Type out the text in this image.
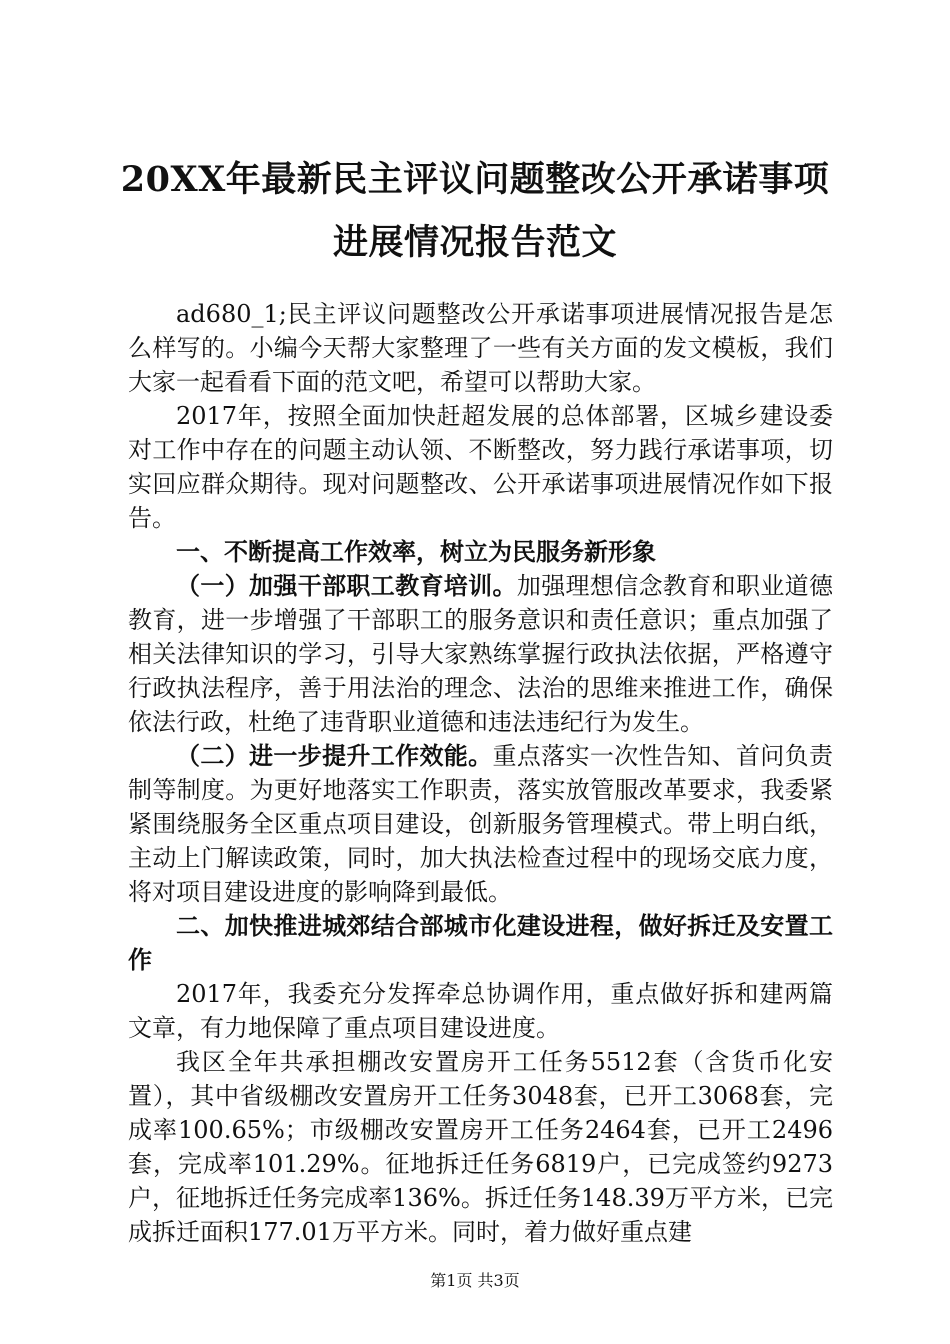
20XX年最新民主评议问题整改公开承诺事项
进展情况报告范文

ad680_1;民主评议问题整改公开承诺事项进展情况报告是怎么样写的。小编今天帮大家整理了一些有关方面的发文模板，我们大家一起看看下面的范文吧，希望可以帮助大家。

2017年，按照全面加快赶超发展的总体部署，区城乡建设委对工作中存在的问题主动认领、不断整改，努力践行承诺事项，切实回应群众期待。现对问题整改、公开承诺事项进展情况作如下报告。

一、不断提高工作效率，树立为民服务新形象

（一）加强干部职工教育培训。加强理想信念教育和职业道德教育，进一步增强了干部职工的服务意识和责任意识；重点加强了相关法律知识的学习，引导大家熟练掌握行政执法依据，严格遵守行政执法程序，善于用法治的理念、法治的思维来推进工作，确保依法行政，杜绝了违背职业道德和违法违纪行为发生。

（二）进一步提升工作效能。重点落实一次性告知、首问负责制等制度。为更好地落实工作职责，落实放管服改革要求，我委紧紧围绕服务全区重点项目建设，创新服务管理模式。带上明白纸，主动上门解读政策，同时，加大执法检查过程中的现场交底力度，将对项目建设进度的影响降到最低。

二、加快推进城郊结合部城市化建设进程，做好拆迁及安置工作

2017年，我委充分发挥牵总协调作用，重点做好拆和建两篇文章，有力地保障了重点项目建设进度。

我区全年共承担棚改安置房开工任务5512套（含货币化安置），其中省级棚改安置房开工任务3048套，已开工3068套，完成率100.65%；市级棚改安置房开工任务2464套，已开工2496套，完成率101.29%。征地拆迁任务6819户，已完成签约9273户，征地拆迁任务完成率136%。拆迁任务148.39万平方米，已完成拆迁面积177.01万平方米。同时，着力做好重点建

第1页 共3页
